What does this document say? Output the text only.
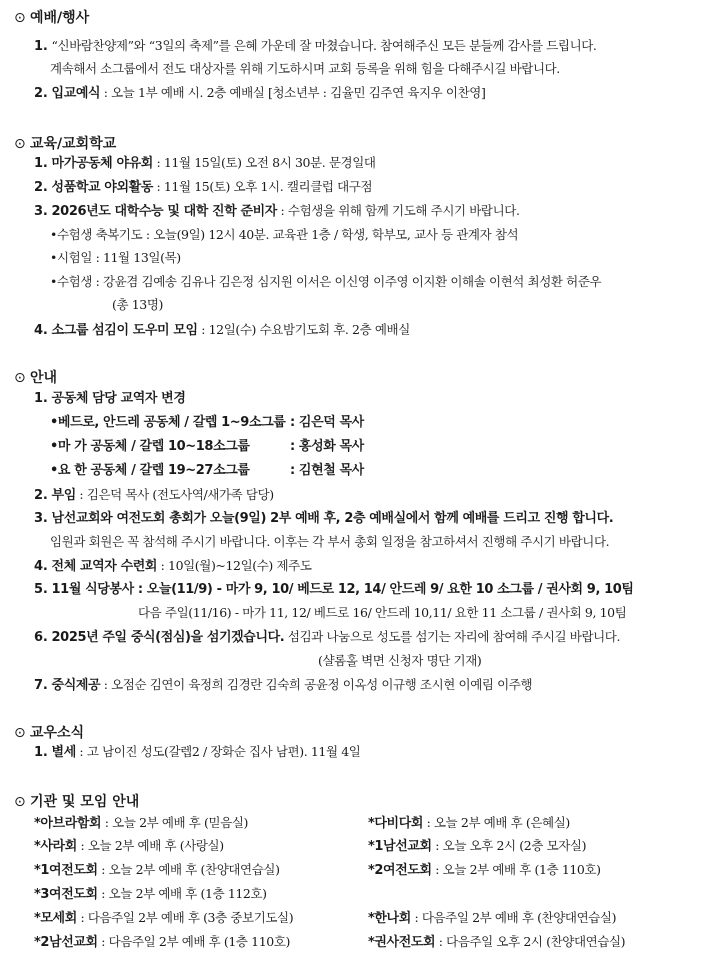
⊙ 예배/행사
1. “신바람찬양제”와 “3일의 축제”를 은혜 가운데 잘 마쳤습니다. 참여해주신 모든 분들께 감사를 드립니다.
계속해서 소그룹에서 전도 대상자를 위해 기도하시며 교회 등록을 위해 힘을 다해주시길 바랍니다.
2. 입교예식 : 오늘 1부 예배 시. 2층 예배실 [청소년부 : 김율민 김주연 육지우 이찬영]
⊙ 교육/교회학교
1. 마가공동체 야유회 : 11월 15일(토) 오전 8시 30분. 문경일대
2. 성품학교 야외활동 : 11월 15(토) 오후 1시. 캘리클럽 대구점
3. 2026년도 대학수능 및 대학 진학 준비자 : 수험생을 위해 함께 기도해 주시기 바랍니다.
•수험생 축복기도 : 오늘(9일) 12시 40분. 교육관 1층 / 학생, 학부모, 교사 등 관계자 참석
•시험일 : 11월 13일(목)
•수험생 : 강윤겸 김예송 김유나 김은정 심지원 이서은 이신영 이주영 이지환 이해솔 이현석 최성환 허준우
(총 13명)
4. 소그룹 섬김이 도우미 모임 : 12일(수) 수요밤기도회 후. 2층 예배실
⊙ 안내
1. 공동체 담당 교역자 변경
•베드로, 안드레 공동체 / 갈렙 1~9소그룹 : 김은덕 목사
•마 가 공동체 / 갈렙 10~18소그룹	: 홍성화 목사
•요 한 공동체 / 갈렙 19~27소그룹	: 김현철 목사
2. 부임 : 김은덕 목사 (전도사역/새가족 담당)
3. 남선교회와 여전도회 총회가 오늘(9일) 2부 예배 후, 2층 예배실에서 함께 예배를 드리고 진행 합니다.
임원과 회원은 꼭 참석해 주시기 바랍니다. 이후는 각 부서 총회 일정을 참고하셔서 진행해 주시기 바랍니다.
4. 전체 교역자 수련회 : 10일(월)~12일(수) 제주도
5. 11월 식당봉사 : 오늘(11/9) - 마가 9, 10/ 베드로 12, 14/ 안드레 9/ 요한 10 소그룹 / 권사회 9, 10팀
다음 주일(11/16) - 마가 11, 12/ 베드로 16/ 안드레 10,11/ 요한 11 소그룹 / 권사회 9, 10팀
6. 2025년 주일 중식(점심)을 섬기겠습니다. 섬김과 나눔으로 성도를 섬기는 자리에 참여해 주시길 바랍니다.
(샬롬홀 벽면 신청자 명단 기재)
7. 중식제공 : 오점순 김연이 육정희 김경란 김숙희 공윤정 이옥성 이규행 조시현 이예림 이주행
⊙ 교우소식
1. 별세 : 고 남이진 성도(갈렙2 / 장화순 집사 남편). 11월 4일
⊙ 기관 및 모임 안내
*아브라함회 : 오늘 2부 예배 후 (믿음실)
*사라회 : 오늘 2부 예배 후 (사랑실)
*1여전도회 : 오늘 2부 예배 후 (찬양대연습실)
*3여전도회 : 오늘 2부 예배 후 (1층 112호)
*모세회 : 다음주일 2부 예배 후 (3층 중보기도실)
*2남선교회 : 다음주일 2부 예배 후 (1층 110호)
*다비다회 : 오늘 2부 예배 후 (은혜실)
*1남선교회 : 오늘 오후 2시 (2층 모자실)
*2여전도회 : 오늘 2부 예배 후 (1층 110호)
*한나회 : 다음주일 2부 예배 후 (찬양대연습실)
*권사전도회 : 다음주일 오후 2시 (찬양대연습실)
